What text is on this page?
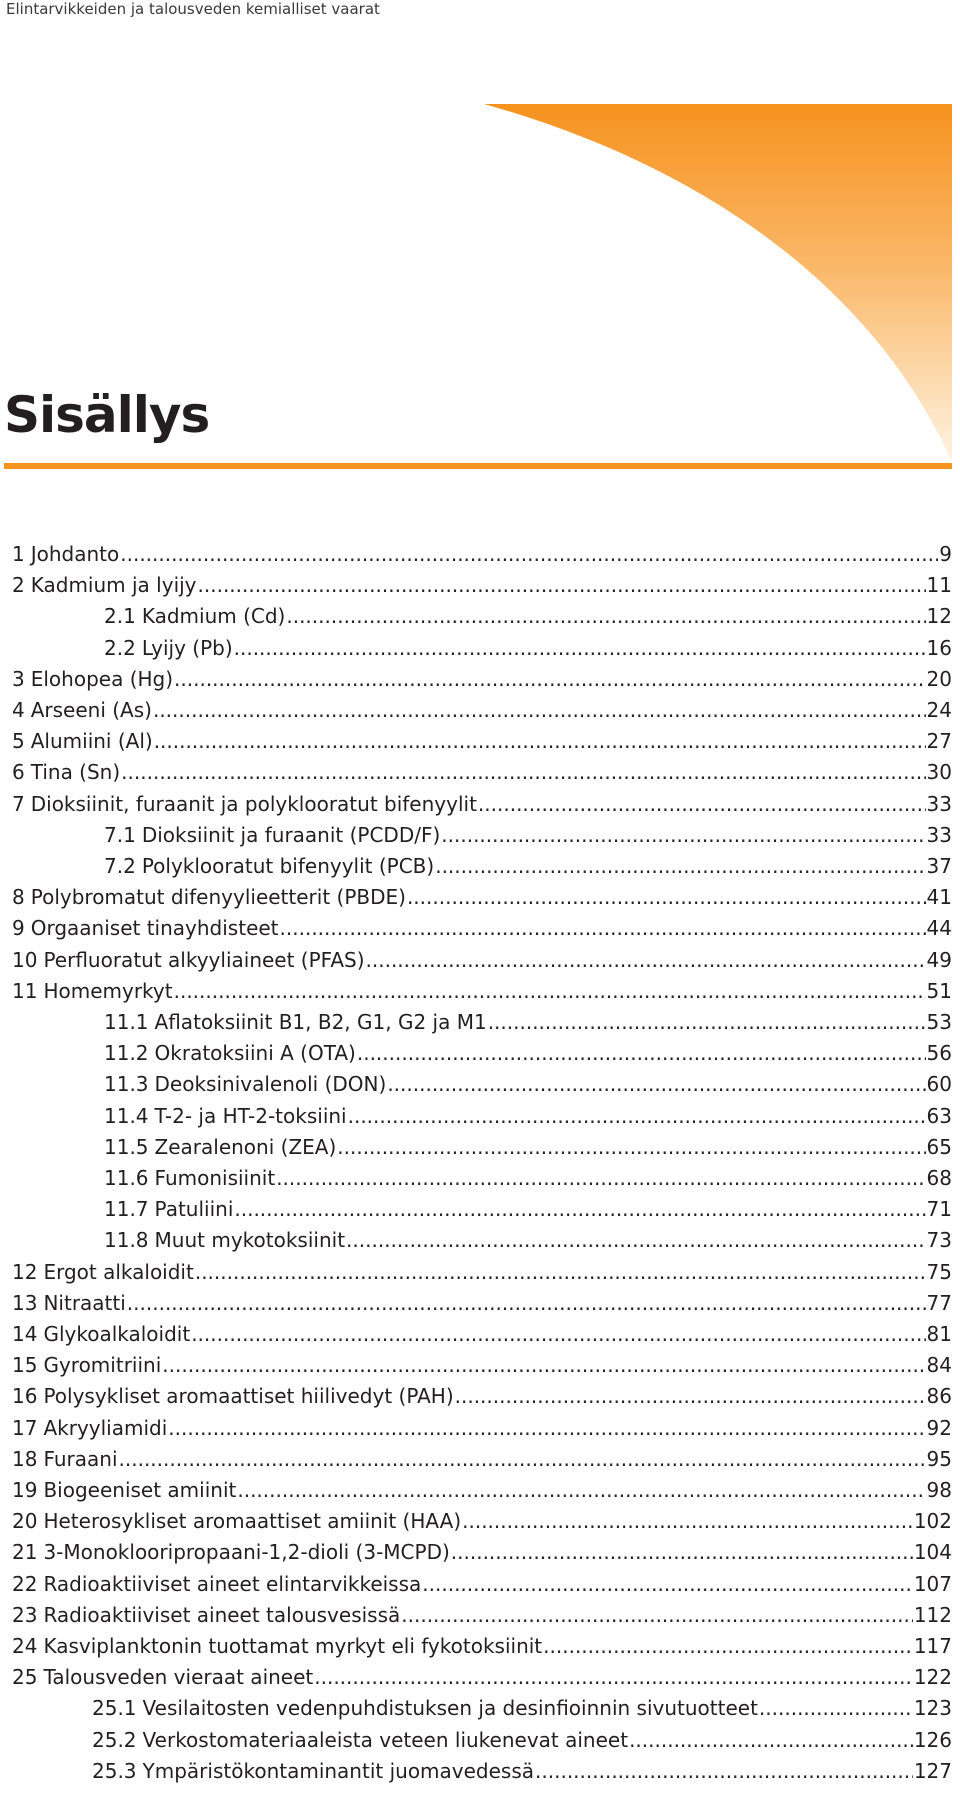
Elintarvikkeiden ja talousveden kemialliset vaarat
Sisällys
1 Johdanto .....	9
2 Kadmium ja lyijy .....	11
2.1 Kadmium (Cd) .....	12
2.2 Lyijy (Pb) .....	16
3 Elohopea (Hg) .....	20
4 Arseeni (As) .....	24
5 Alumiini (Al) .....	27
6 Tina (Sn) .....	30
7 Dioksiinit, furaanit ja polyklooratut bifenyylit .....	33
7.1 Dioksiinit ja furaanit (PCDD/F) .....	33
7.2 Polyklooratut bifenyylit (PCB) .....	37
8 Polybromatut difenyylieetterit (PBDE) .....	41
9 Orgaaniset tinayhdisteet .....	44
10 Perfluoratut alkyyliaineet (PFAS) .....	49
11 Homemyrkyt .....	51
11.1 Aflatoksiinit B1, B2, G1, G2 ja M1 .....	53
11.2 Okratoksiini A (OTA) .....	56
11.3 Deoksinivalenoli (DON) .....	60
11.4 T-2- ja HT-2-toksiini .....	63
11.5 Zearalenoni (ZEA) .....	65
11.6 Fumonisiinit .....	68
11.7 Patuliini .....	71
11.8 Muut mykotoksiinit .....	73
12 Ergot alkaloidit .....	75
13 Nitraatti .....	77
14 Glykoalkaloidit .....	81
15 Gyromitriini .....	84
16 Polysykliset aromaattiset hiilivedyt (PAH) .....	86
17 Akryyliamidi .....	92
18 Furaani .....	95
19 Biogeeniset amiinit .....	98
20 Heterosykliset aromaattiset amiinit (HAA) .....	102
21 3-Monoklooripropaani-1,2-dioli (3-MCPD) .....	104
22 Radioaktiiviset aineet elintarvikkeissa .....	107
23 Radioaktiiviset aineet talousvesissä .....	112
24 Kasviplanktonin tuottamat myrkyt eli fykotoksiinit .....	117
25 Talousveden vieraat aineet .....	122
25.1 Vesilaitosten vedenpuhdistuksen ja desinfioinnin sivutuotteet .....	123
25.2 Verkostomateriaaleista veteen liukenevat aineet .....	126
25.3 Ympäristökontaminantit juomavedessä .....	127
